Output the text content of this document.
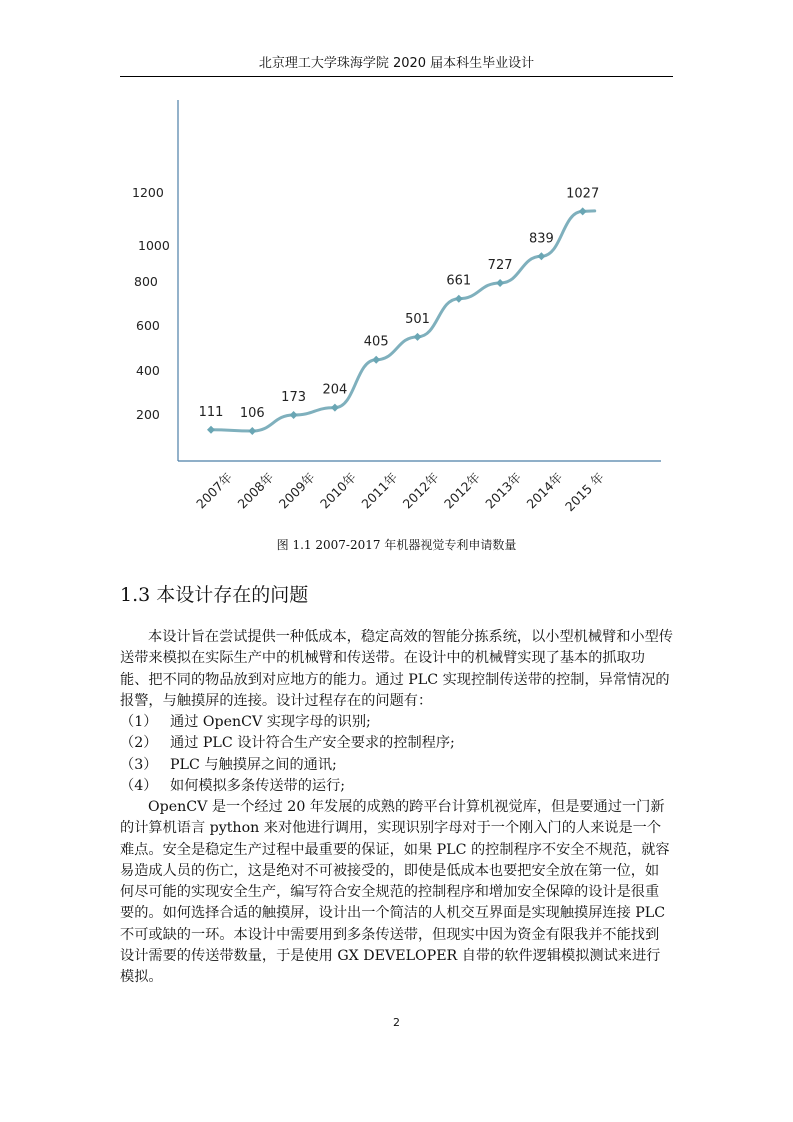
北京理工大学珠海学院 2020 届本科生毕业设计
200
400
600
800
1000
1200
111 106
173 204
405
501
661
727
839
1027
2007年 2008年 2009年 2010年 2011年 2012年 2012年 2013年 2014年
2015 年
图 1.1 2007-2017 年机器视觉专利申请数量
1.3 本设计存在的问题

本设计旨在尝试提供一种低成本，稳定高效的智能分拣系统，以小型机械臂和小型传送带来模拟在实际生产中的机械臂和传送带。在设计中的机械臂实现了基本的抓取功能、把不同的物品放到对应地方的能力。通过 PLC 实现控制传送带的控制，异常情况的报警，与触摸屏的连接。设计过程存在的问题有：

（1） 通过 OpenCV 实现字母的识别;
（2） 通过 PLC 设计符合生产安全要求的控制程序;
（3） PLC 与触摸屏之间的通讯;
（4） 如何模拟多条传送带的运行;

OpenCV 是一个经过 20 年发展的成熟的跨平台计算机视觉库，但是要通过一门新的计算机语言 python 来对他进行调用，实现识别字母对于一个刚入门的人来说是一个难点。安全是稳定生产过程中最重要的保证，如果 PLC 的控制程序不安全不规范，就容易造成人员的伤亡，这是绝对不可被接受的，即使是低成本也要把安全放在第一位，如何尽可能的实现安全生产，编写符合安全规范的控制程序和增加安全保障的设计是很重要的。如何选择合适的触摸屏，设计出一个简洁的人机交互界面是实现触摸屏连接 PLC 不可或缺的一环。本设计中需要用到多条传送带，但现实中因为资金有限我并不能找到设计需要的传送带数量，于是使用 GX DEVELOPER 自带的软件逻辑模拟测试来进行模拟。

2
